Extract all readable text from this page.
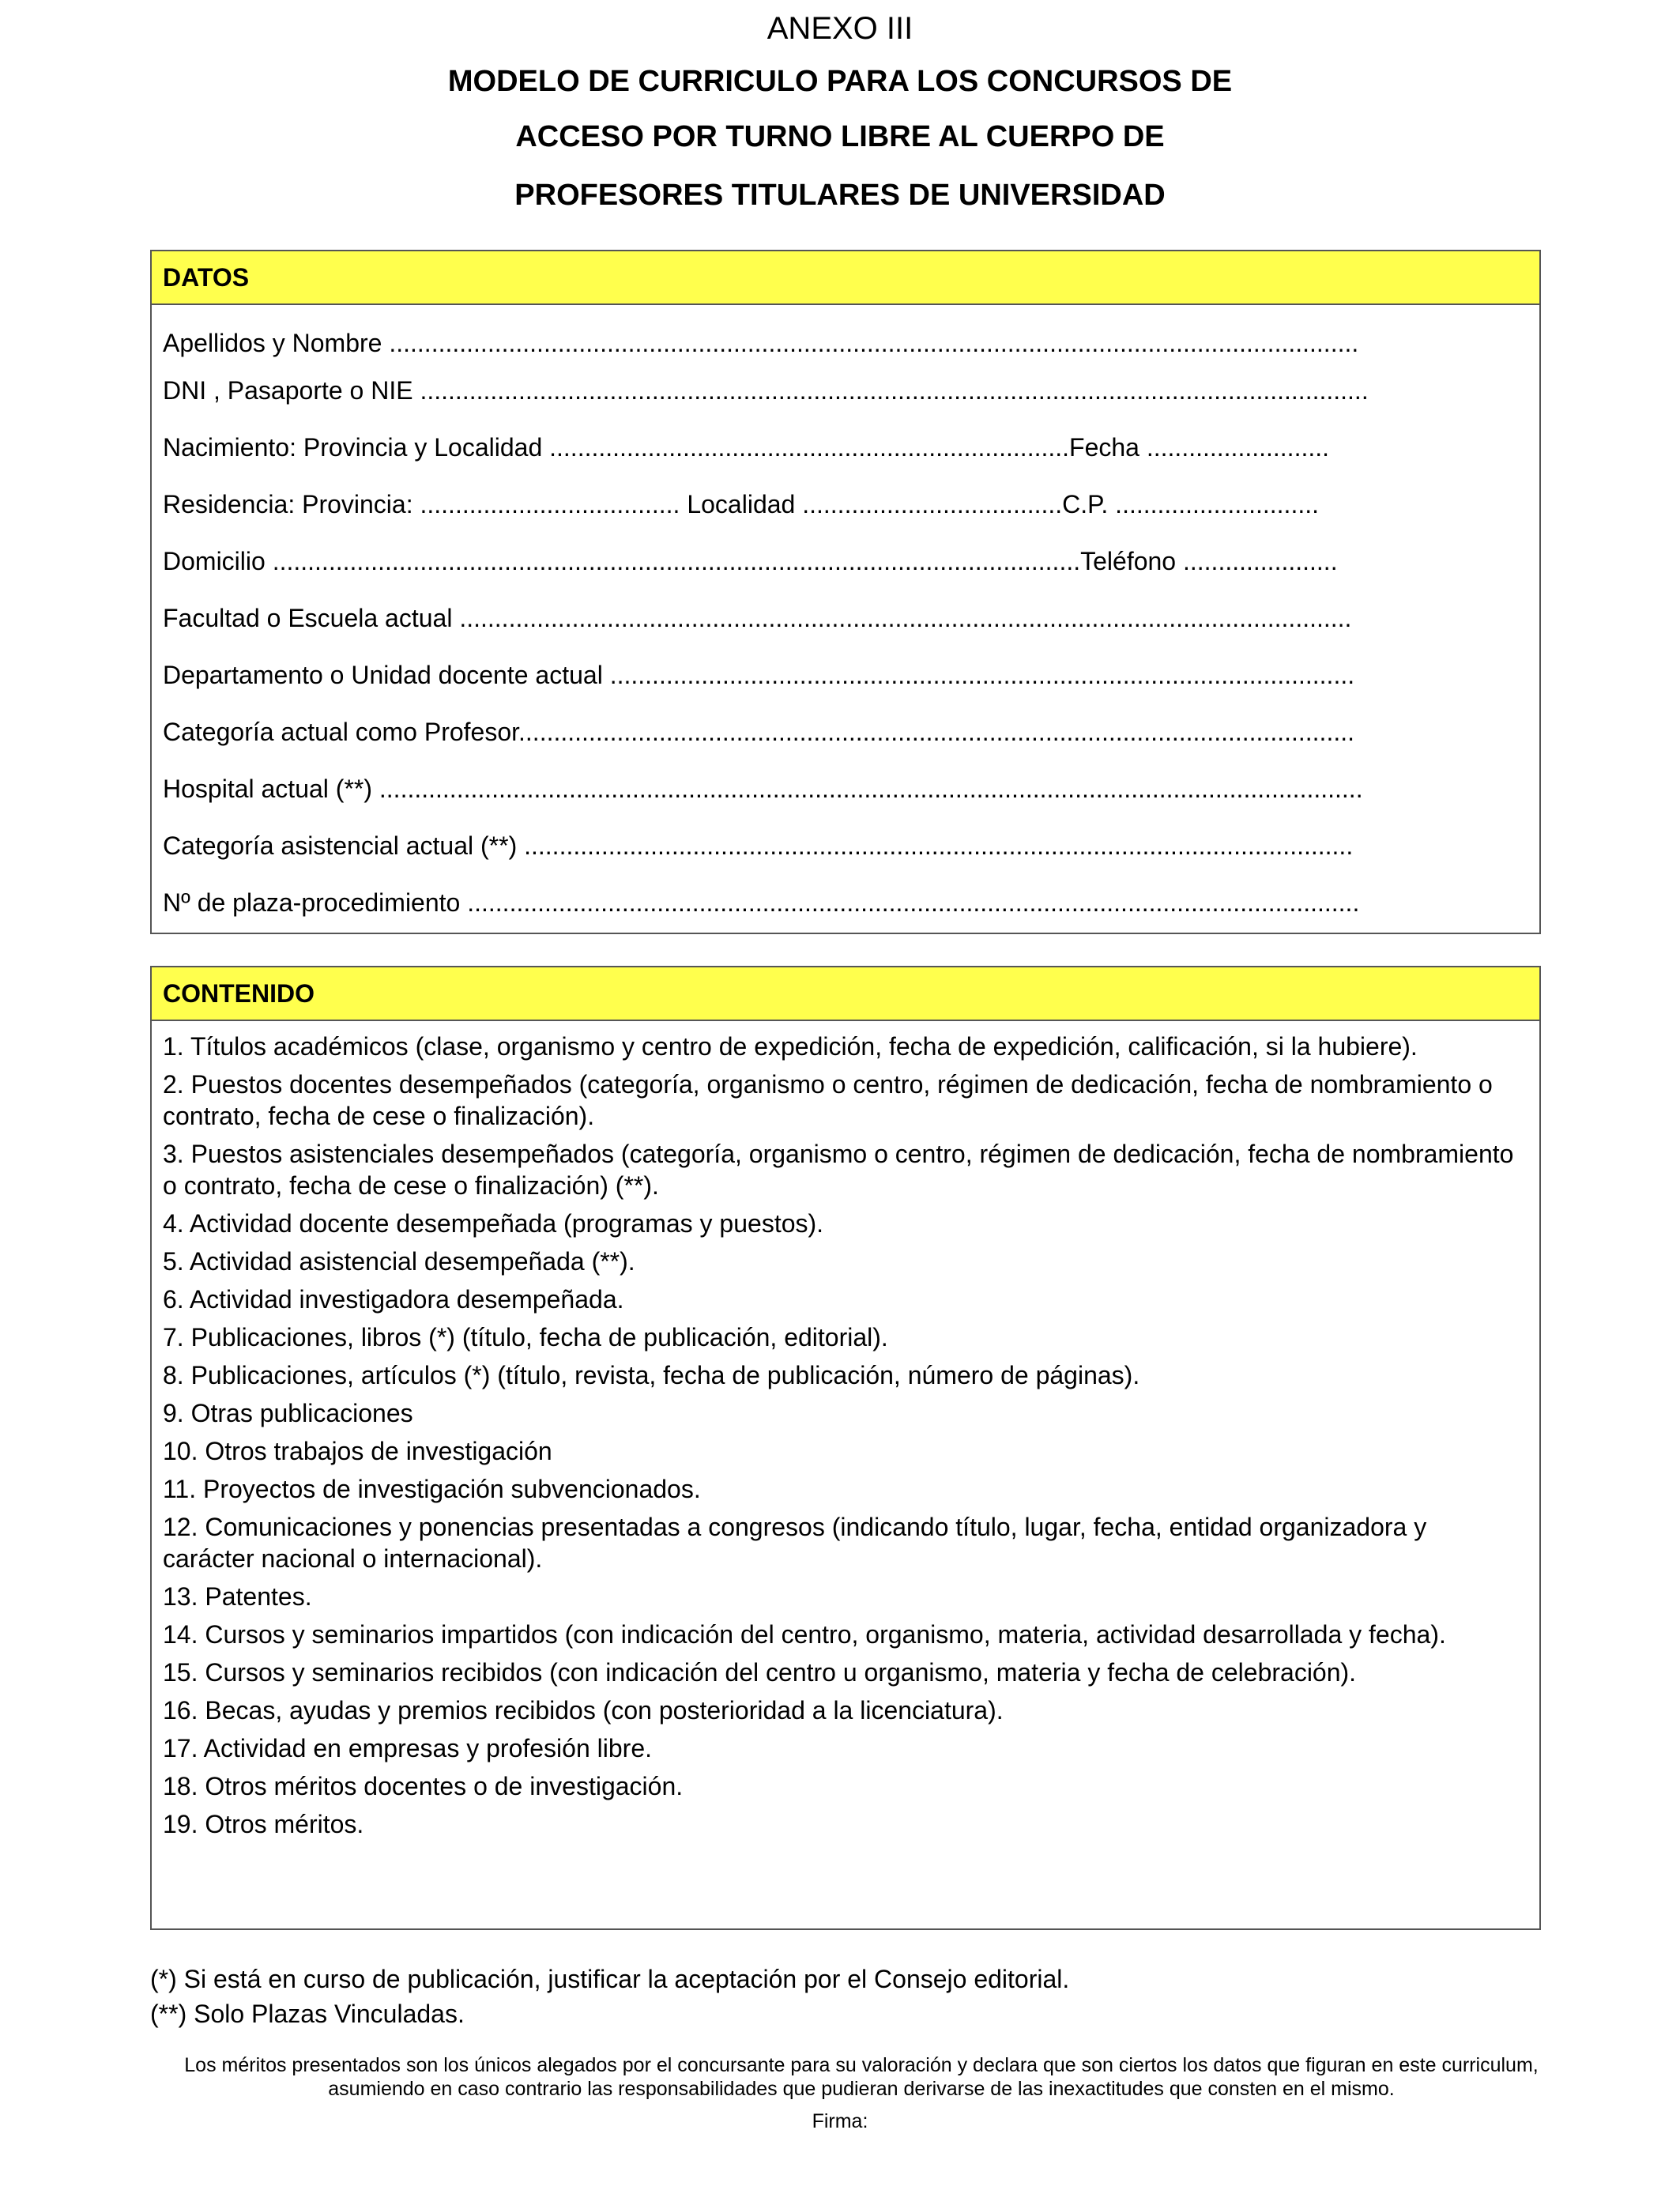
ANEXO III
MODELO DE CURRICULO PARA LOS CONCURSOS DE
ACCESO POR TURNO LIBRE AL CUERPO DE
PROFESORES TITULARES DE UNIVERSIDAD
DATOS
Apellidos y Nombre ..........................................................................................................................................
DNI , Pasaporte o NIE .......................................................................................................................................
Nacimiento: Provincia y Localidad ..........................................................................Fecha ..........................
Residencia: Provincia: ..................................... Localidad .....................................C.P. .............................
Domicilio ...................................................................................................................Teléfono ......................
Facultad o Escuela actual ...............................................................................................................................
Departamento o Unidad docente actual ..........................................................................................................
Categoría actual como Profesor.......................................................................................................................
Hospital actual (**) ............................................................................................................................................
Categoría asistencial actual (**) ......................................................................................................................
Nº de plaza-procedimiento ...............................................................................................................................
CONTENIDO
1. Títulos académicos (clase, organismo y centro de expedición, fecha de expedición, calificación, si la hubiere).
2. Puestos docentes desempeñados (categoría, organismo o centro, régimen de dedicación, fecha de nombramiento o contrato, fecha de cese o finalización).
3. Puestos asistenciales desempeñados (categoría, organismo o centro, régimen de dedicación, fecha de nombramiento o contrato, fecha de cese o finalización) (**).
4. Actividad docente desempeñada (programas y puestos).
5. Actividad asistencial desempeñada (**).
6. Actividad investigadora desempeñada.
7. Publicaciones, libros (*) (título, fecha de publicación, editorial).
8. Publicaciones, artículos (*) (título, revista, fecha de publicación, número de páginas).
9. Otras publicaciones
10. Otros trabajos de investigación
11. Proyectos de investigación subvencionados.
12. Comunicaciones y ponencias presentadas a congresos (indicando título, lugar, fecha, entidad organizadora y carácter nacional o internacional).
13. Patentes.
14. Cursos y seminarios impartidos (con indicación del centro, organismo, materia, actividad desarrollada y fecha).
15. Cursos y seminarios recibidos (con indicación del centro u organismo, materia y fecha de celebración).
16. Becas, ayudas y premios recibidos (con posterioridad a la licenciatura).
17. Actividad en empresas y profesión libre.
18. Otros méritos docentes o de investigación.
19. Otros méritos.
(*) Si está en curso de publicación, justificar la aceptación por el Consejo editorial.
(**) Solo Plazas Vinculadas.
Los méritos presentados son los únicos alegados por el concursante para su valoración y declara que son ciertos los datos que figuran en este curriculum, asumiendo en caso contrario las responsabilidades que pudieran derivarse de las inexactitudes que consten en el mismo.
Firma:
